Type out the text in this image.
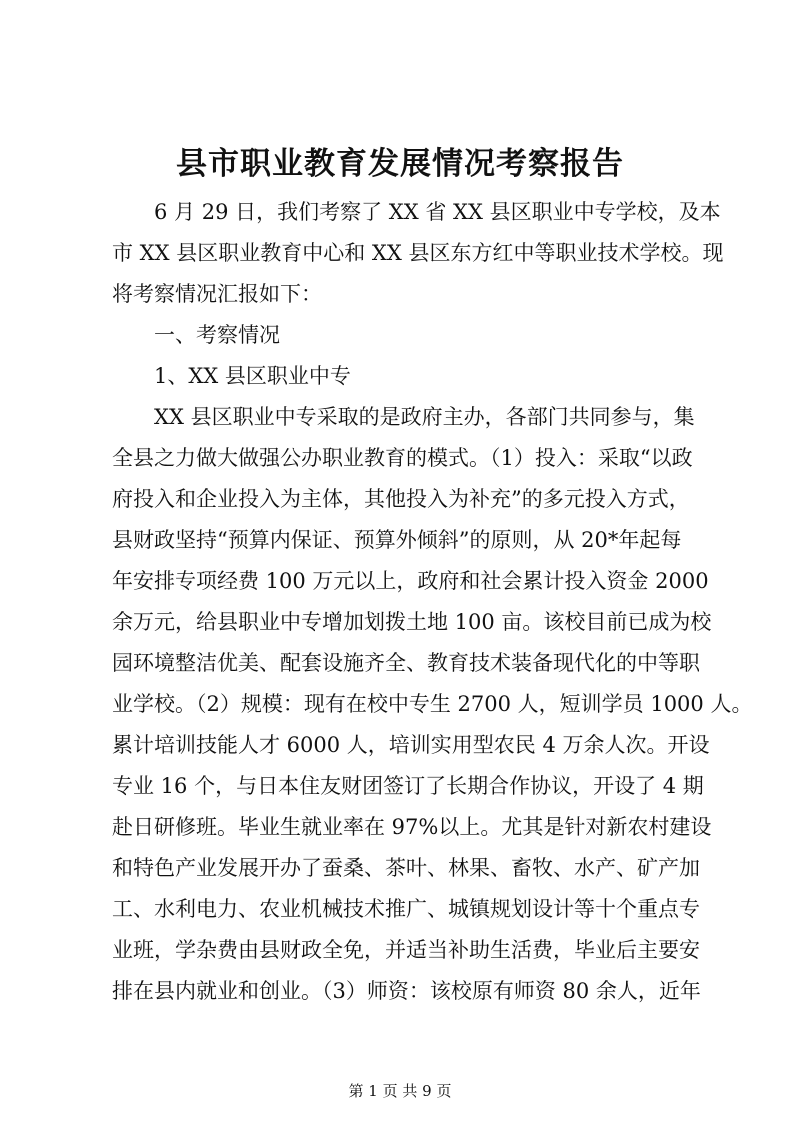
县市职业教育发展情况考察报告

6 月 29 日，我们考察了 XX 省 XX 县区职业中专学校，及本

市 XX 县区职业教育中心和 XX 县区东方红中等职业技术学校。现

将考察情况汇报如下：

一、考察情况

1、XX 县区职业中专

XX 县区职业中专采取的是政府主办，各部门共同参与，集

全县之力做大做强公办职业教育的模式。（1）投入：采取“以政

府投入和企业投入为主体，其他投入为补充”的多元投入方式，

县财政坚持“预算内保证、预算外倾斜”的原则，从 20*年起每

年安排专项经费 100 万元以上，政府和社会累计投入资金 2000

余万元，给县职业中专增加划拨土地 100 亩。该校目前已成为校

园环境整洁优美、配套设施齐全、教育技术装备现代化的中等职

业学校。（2）规模：现有在校中专生 2700 人，短训学员 1000 人。

累计培训技能人才 6000 人，培训实用型农民 4 万余人次。开设

专业 16 个，与日本住友财团签订了长期合作协议，开设了 4 期

赴日研修班。毕业生就业率在 97%以上。尤其是针对新农村建设

和特色产业发展开办了蚕桑、茶叶、林果、畜牧、水产、矿产加

工、水利电力、农业机械技术推广、城镇规划设计等十个重点专

业班，学杂费由县财政全免，并适当补助生活费，毕业后主要安

排在县内就业和创业。（3）师资：该校原有师资 80 余人，近年

第 1 页 共 9 页
